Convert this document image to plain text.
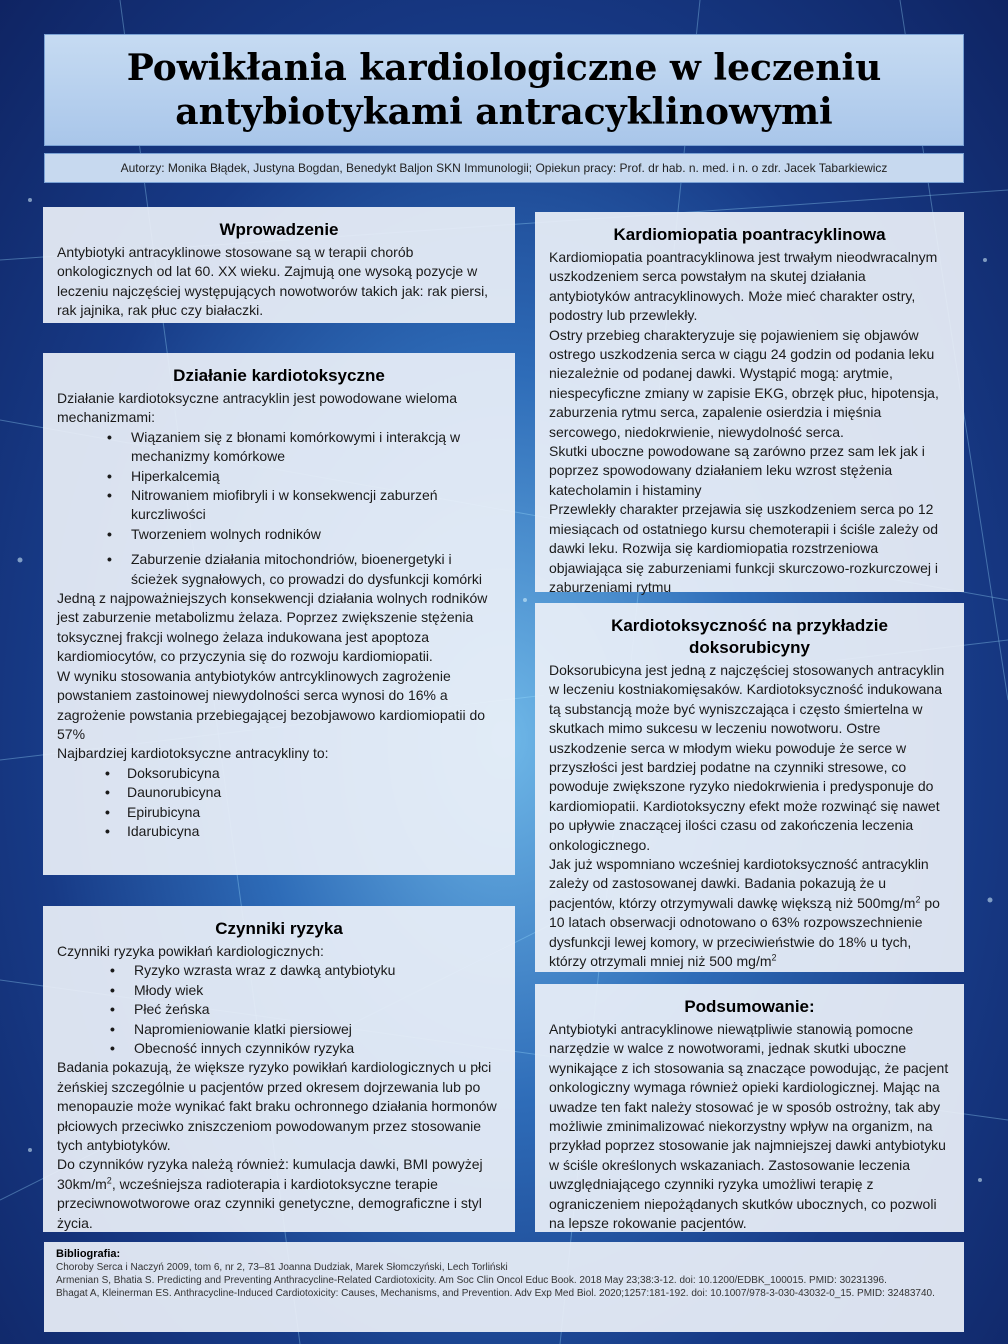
Powikłania kardiologiczne w leczeniu
antybiotykami antracyklinowymi
Autorzy: Monika Błądek, Justyna Bogdan, Benedykt Baljon SKN Immunologii; Opiekun pracy: Prof. dr hab. n. med. i n. o zdr. Jacek Tabarkiewicz
Wprowadzenie

Antybiotyki antracyklinowe stosowane są w terapii chorób onkologicznych od lat 60. XX wieku. Zajmują one wysoką pozycje w leczeniu najczęściej występujących nowotworów takich jak: rak piersi, rak jajnika, rak płuc czy białaczki.

Działanie kardiotoksyczne

Działanie kardiotoksyczne antracyklin jest powodowane wieloma mechanizmami:

• Wiązaniem się z błonami komórkowymi i interakcją w mechanizmy komórkowe
• Hiperkalcemią
• Nitrowaniem miofibryli i w konsekwencji zaburzeń kurczliwości
• Tworzeniem wolnych rodników
• Zaburzenie działania mitochondriów, bioenergetyki i ścieżek sygnałowych, co prowadzi do dysfunkcji komórki

Jedną z najpoważniejszych konsekwencji działania wolnych rodników jest zaburzenie metabolizmu żelaza. Poprzez zwiększenie stężenia toksycznej frakcji wolnego żelaza indukowana jest apoptoza kardiomiocytów, co przyczynia się do rozwoju kardiomiopatii.

W wyniku stosowania antybiotyków antrcyklinowych zagrożenie powstaniem zastoinowej niewydolności serca wynosi do 16% a zagrożenie powstania przebiegającej bezobjawowo kardiomiopatii do 57%

Najbardziej kardiotoksyczne antracykliny to:

• Doksorubicyna
• Daunorubicyna
• Epirubicyna
• Idarubicyna
Czynniki ryzyka

Czynniki ryzyka powikłań kardiologicznych:

• Ryzyko wzrasta wraz z dawką antybiotyku
• Młody wiek
• Płeć żeńska
• Napromieniowanie klatki piersiowej
• Obecność innych czynników ryzyka

Badania pokazują, że większe ryzyko powikłań kardiologicznych u płci żeńskiej szczególnie u pacjentów przed okresem dojrzewania lub po menopauzie może wynikać fakt braku ochronnego działania hormonów płciowych przeciwko zniszczeniom powodowanym przez stosowanie tych antybiotyków.

Do czynników ryzyka należą również: kumulacja dawki, BMI powyżej $30km/m^2$, wcześniejsza radioterapia i kardiotoksyczne terapie przeciwnowotworowe oraz czynniki genetyczne, demograficzne i styl życia.

Kardiomiopatia poantracyklinowa

Kardiomiopatia poantracyklinowa jest trwałym nieodwracalnym uszkodzeniem serca powstałym na skutej działania antybiotyków antracyklinowych. Może mieć charakter ostry, podostry lub przewlekły.

Ostry przebieg charakteryzuje się pojawieniem się objawów ostrego uszkodzenia serca w ciągu 24 godzin od podania leku niezależnie od podanej dawki. Wystąpić mogą: arytmie, niespecyficzne zmiany w zapisie EKG, obrzęk płuc, hipotensja, zaburzenia rytmu serca, zapalenie osierdzia i mięśnia sercowego, niedokrwienie, niewydolność serca.

Skutki uboczne powodowane są zarówno przez sam lek jak i poprzez spowodowany działaniem leku wzrost stężenia katecholamin i histaminy

Przewlekły charakter przejawia się uszkodzeniem serca po 12 miesiącach od ostatniego kursu chemoterapii i ściśle zależy od dawki leku. Rozwija się kardiomiopatia rozstrzeniowa objawiająca się zaburzeniami funkcji skurczowo-rozkurczowej i zaburzeniami rytmu

Kardiotoksyczność na przykładzie
doksorubicyny

Doksorubicyna jest jedną z najczęściej stosowanych antracyklin w leczeniu kostniakomięsaków. Kardiotoksyczność indukowana tą substancją może być wyniszczająca i często śmiertelna w skutkach mimo sukcesu w leczeniu nowotworu. Ostre uszkodzenie serca w młodym wieku powoduje że serce w przyszłości jest bardziej podatne na czynniki stresowe, co powoduje zwiększone ryzyko niedokrwienia i predysponuje do kardiomiopatii. Kardiotoksyczny efekt może rozwinąć się nawet po upływie znaczącej ilości czasu od zakończenia leczenia onkologicznego.

Jak już wspomniano wcześniej kardiotoksyczność antracyklin zależy od zastosowanej dawki. Badania pokazują że u pacjentów, którzy otrzymywali dawkę większą niż $500mg/m^2$ po 10 latach obserwacji odnotowano o 63% rozpowszechnienie dysfunkcji lewej komory, w przeciwieństwie do 18% u tych, którzy otrzymali mniej niż 500 $mg/m^2$

Podsumowanie:

Antybiotyki antracyklinowe niewątpliwie stanowią pomocne narzędzie w walce z nowotworami, jednak skutki uboczne wynikające z ich stosowania są znaczące powodując, że pacjent onkologiczny wymaga również opieki kardiologicznej. Mając na uwadze ten fakt należy stosować je w sposób ostrożny, tak aby możliwie zminimalizować niekorzystny wpływ na organizm, na przykład poprzez stosowanie jak najmniejszej dawki antybiotyku w ściśle określonych wskazaniach. Zastosowanie leczenia uwzględniającego czynniki ryzyka umożliwi terapię z ograniczeniem niepożądanych skutków ubocznych, co pozwoli na lepsze rokowanie pacjentów.

Bibliografia:
Choroby Serca i Naczyń 2009, tom 6, nr 2, 73–81 Joanna Dudziak, Marek Słomczyński, Lech Torliński
Armenian S, Bhatia S. Predicting and Preventing Anthracycline-Related Cardiotoxicity. Am Soc Clin Oncol Educ Book. 2018 May 23;38:3-12. doi: 10.1200/EDBK_100015. PMID: 30231396.
Bhagat A, Kleinerman ES. Anthracycline-Induced Cardiotoxicity: Causes, Mechanisms, and Prevention. Adv Exp Med Biol. 2020;1257:181-192. doi: 10.1007/978-3-030-43032-0_15. PMID: 32483740.
